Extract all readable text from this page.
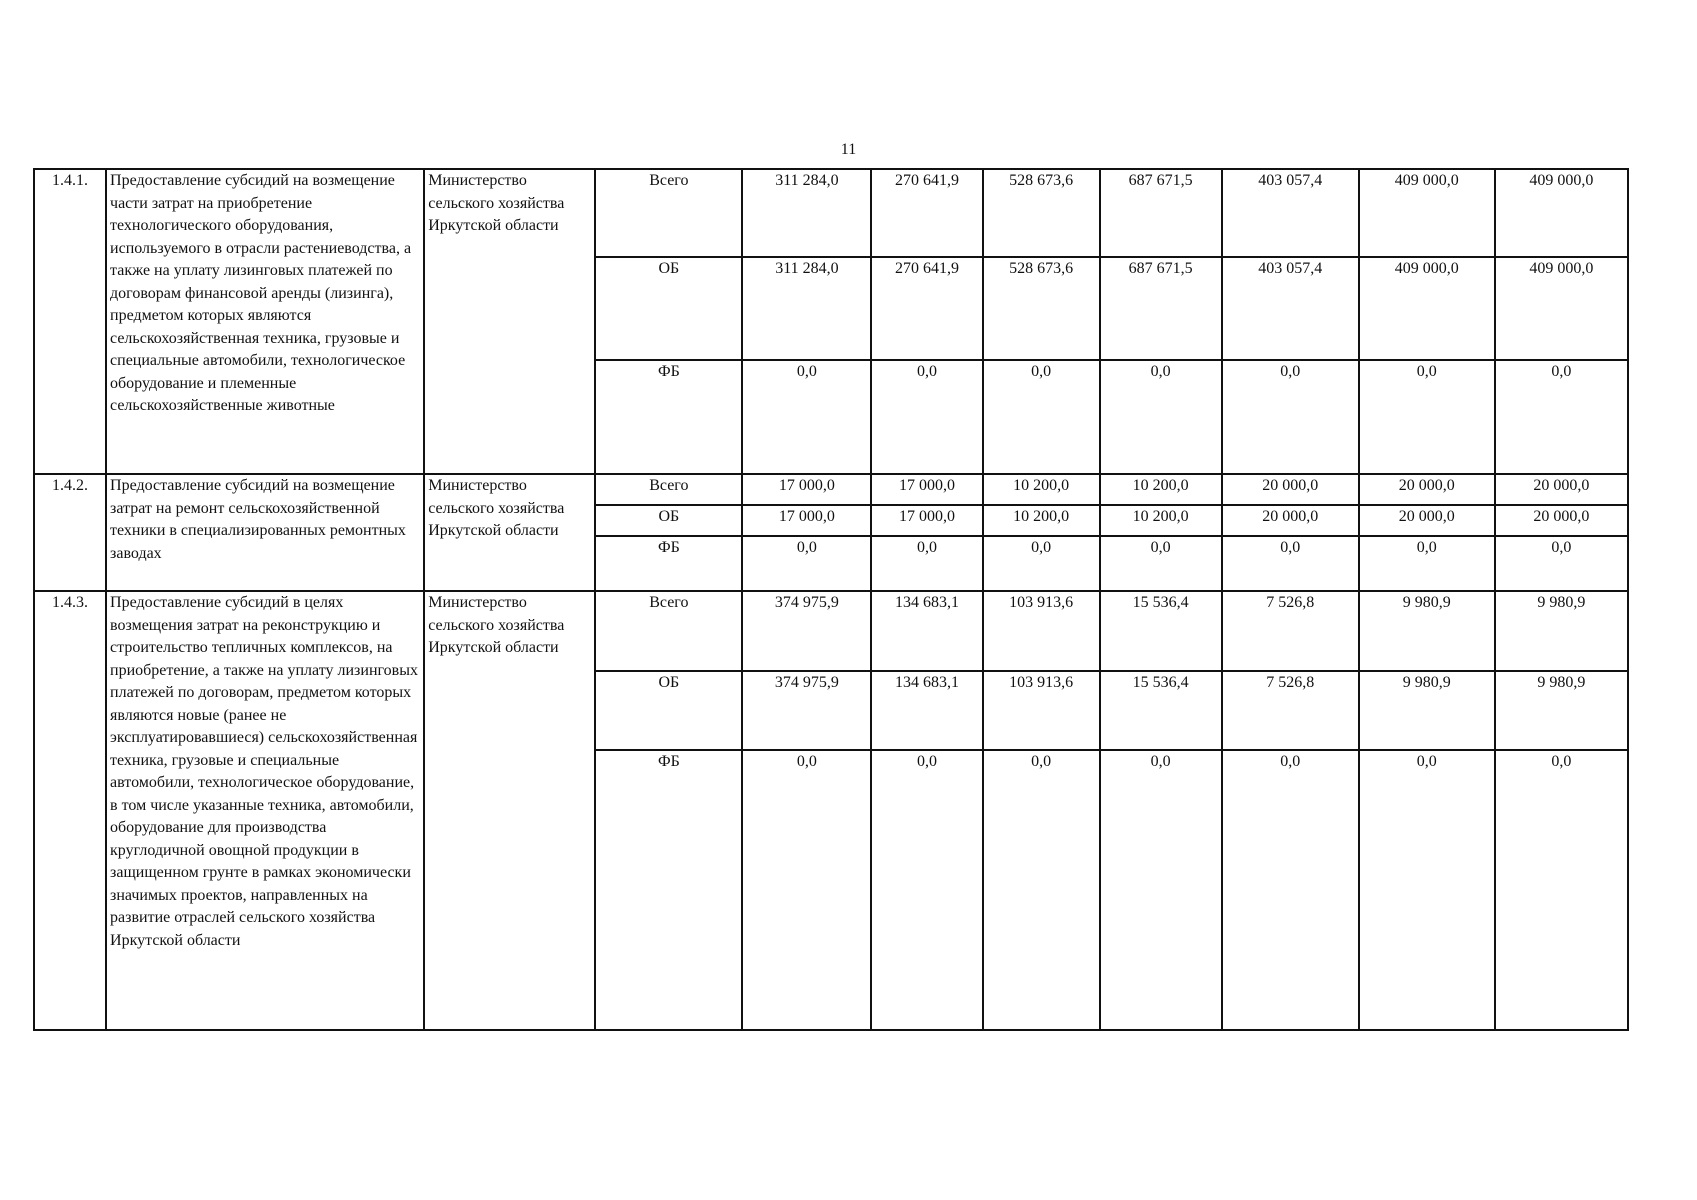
11
1.4.1.	Предоставление субсидий на возмещение части затрат на приобретение технологического оборудования, используемого в отрасли растениеводства, а также на уплату лизинговых платежей по договорам финансовой аренды (лизинга), предметом которых являются сельскохозяйственная техника, грузовые и специальные автомобили, технологическое оборудование и племенные сельскохозяйственные животные	Министерство сельского хозяйства Иркутской области	Всего	311 284,0	270 641,9	528 673,6	687 671,5	403 057,4	409 000,0	409 000,0
			ОБ	311 284,0	270 641,9	528 673,6	687 671,5	403 057,4	409 000,0	409 000,0
			ФБ	0,0	0,0	0,0	0,0	0,0	0,0	0,0
1.4.2.	Предоставление субсидий на возмещение затрат на ремонт сельскохозяйственной техники в специализированных ремонтных заводах	Министерство сельского хозяйства Иркутской области	Всего	17 000,0	17 000,0	10 200,0	10 200,0	20 000,0	20 000,0	20 000,0
			ОБ	17 000,0	17 000,0	10 200,0	10 200,0	20 000,0	20 000,0	20 000,0
			ФБ	0,0	0,0	0,0	0,0	0,0	0,0	0,0
1.4.3.	Предоставление субсидий в целях возмещения затрат на реконструкцию и строительство тепличных комплексов, на приобретение, а также на уплату лизинговых платежей по договорам, предметом которых являются новые (ранее не эксплуатировавшиеся) сельскохозяйственная техника, грузовые и специальные автомобили, технологическое оборудование, в том числе указанные техника, автомобили, оборудование для производства круглодичной овощной продукции в защищенном грунте в рамках экономически значимых проектов, направленных на развитие отраслей сельского хозяйства Иркутской области	Министерство сельского хозяйства Иркутской области	Всего	374 975,9	134 683,1	103 913,6	15 536,4	7 526,8	9 980,9	9 980,9
			ОБ	374 975,9	134 683,1	103 913,6	15 536,4	7 526,8	9 980,9	9 980,9
			ФБ	0,0	0,0	0,0	0,0	0,0	0,0	0,0
